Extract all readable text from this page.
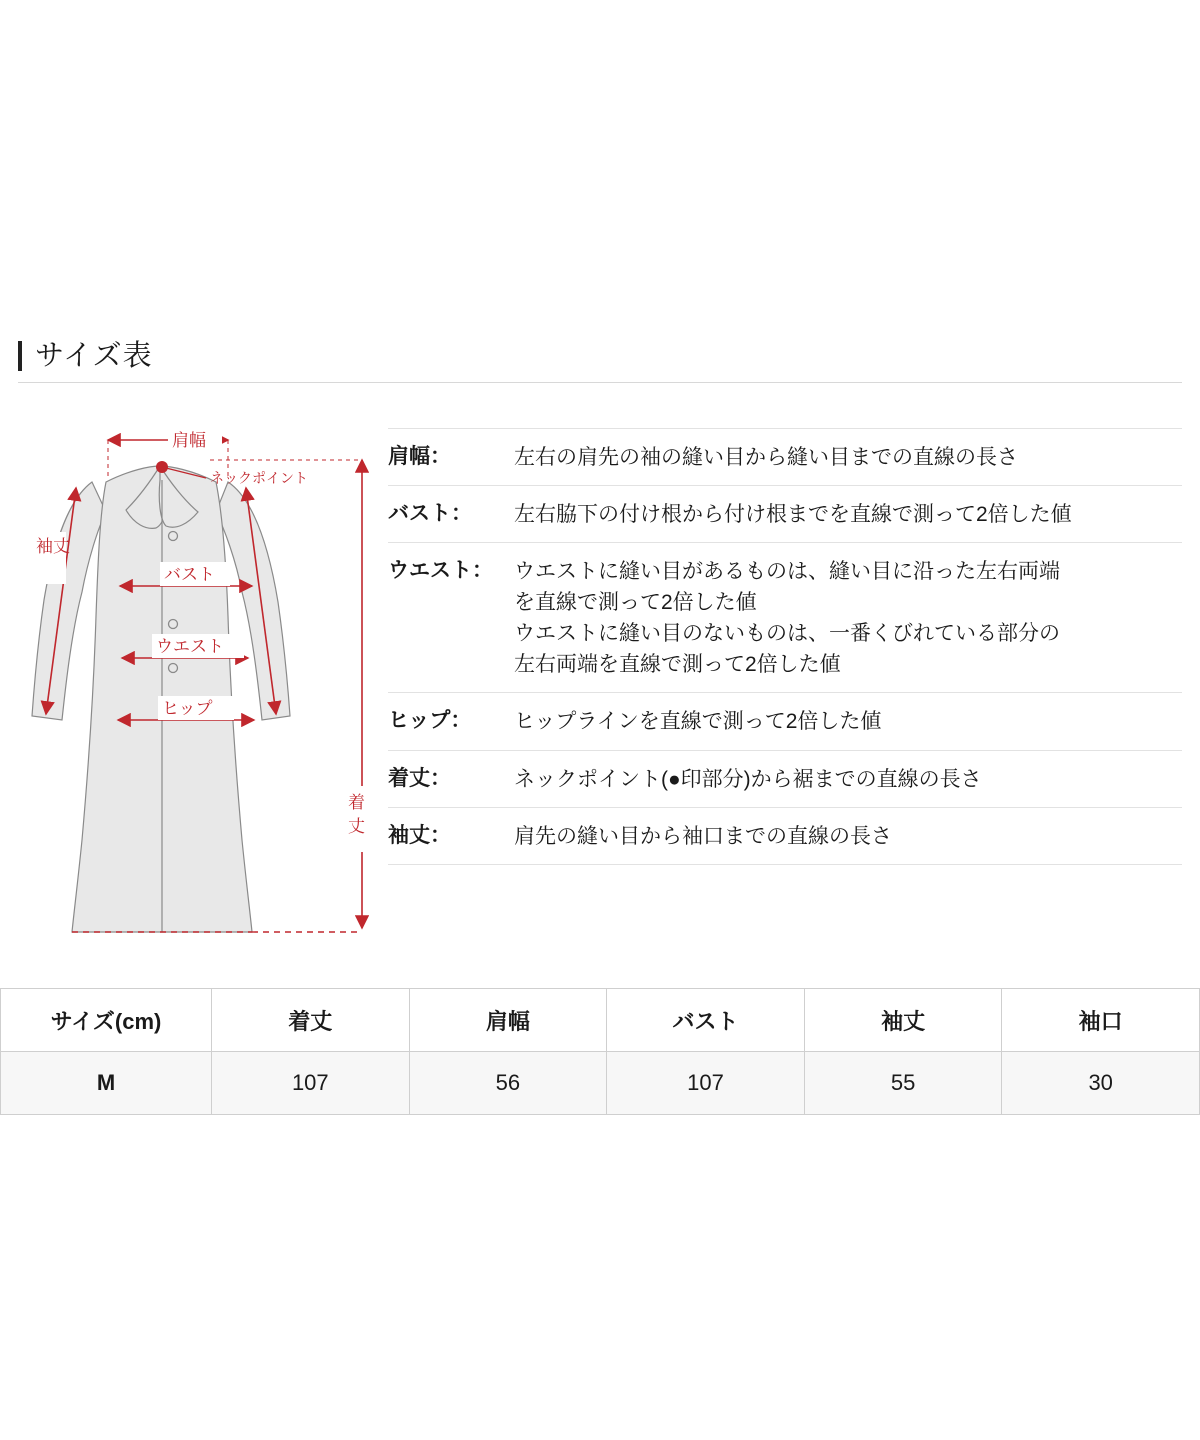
サイズ表
肩幅
ネックポイント
袖丈
バスト
ウエスト
ヒップ
着
丈
肩幅：	左右の肩先の袖の縫い目から縫い目までの直線の長さ
バスト：	左右脇下の付け根から付け根までを直線で測って2倍した値
ウエスト：	ウエストに縫い目があるものは、縫い目に沿った左右両端
を直線で測って2倍した値
ウエストに縫い目のないものは、一番くびれている部分の
左右両端を直線で測って2倍した値
ヒップ：	ヒップラインを直線で測って2倍した値
着丈：	ネックポイント(●印部分)から裾までの直線の長さ
袖丈：	肩先の縫い目から袖口までの直線の長さ
サイズ(cm)	着丈	肩幅	バスト	袖丈	袖口
M	107	56	107	55	30
